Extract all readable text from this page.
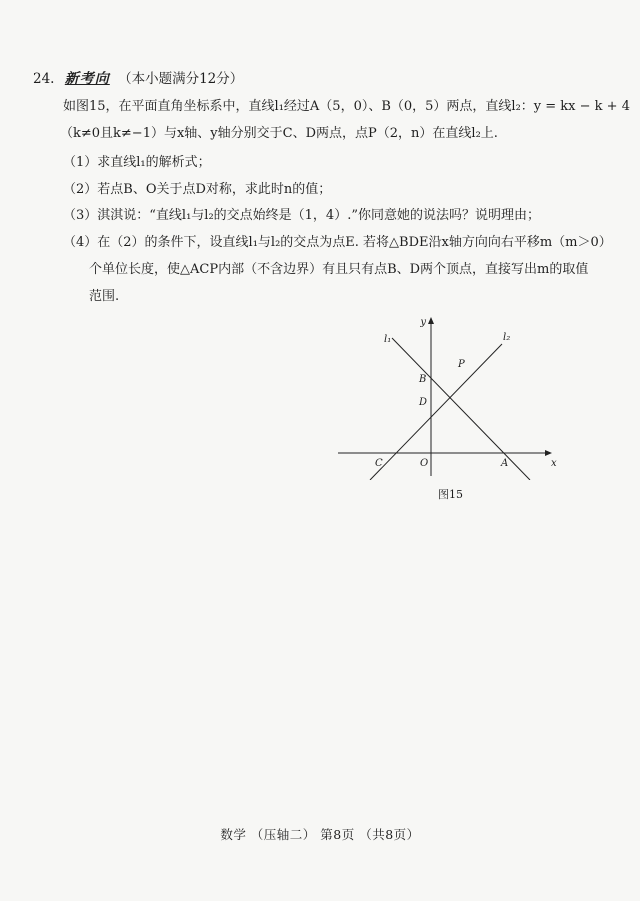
24. 新考向 （本小题满分12分）
如图15，在平面直角坐标系中，直线l₁经过A（5，0）、B（0，5）两点，直线l₂：y = kx − k + 4
（k≠0且k≠−1）与x轴、y轴分别交于C、D两点，点P（2，n）在直线l₂上.
（1）求直线l₁的解析式；
（2）若点B、O关于点D对称，求此时n的值；
（3）淇淇说：“直线l₁与l₂的交点始终是（1，4）.”你同意她的说法吗？说明理由；
（4）在（2）的条件下，设直线l₁与l₂的交点为点E. 若将△BDE沿x轴方向向右平移m（m＞0）
个单位长度，使△ACP内部（不含边界）有且只有点B、D两个顶点，直接写出m的取值
范围.
y
x
O
l₁	l₂
B
D
P
C	A
图15
数学 （压轴二） 第8页 （共8页）
